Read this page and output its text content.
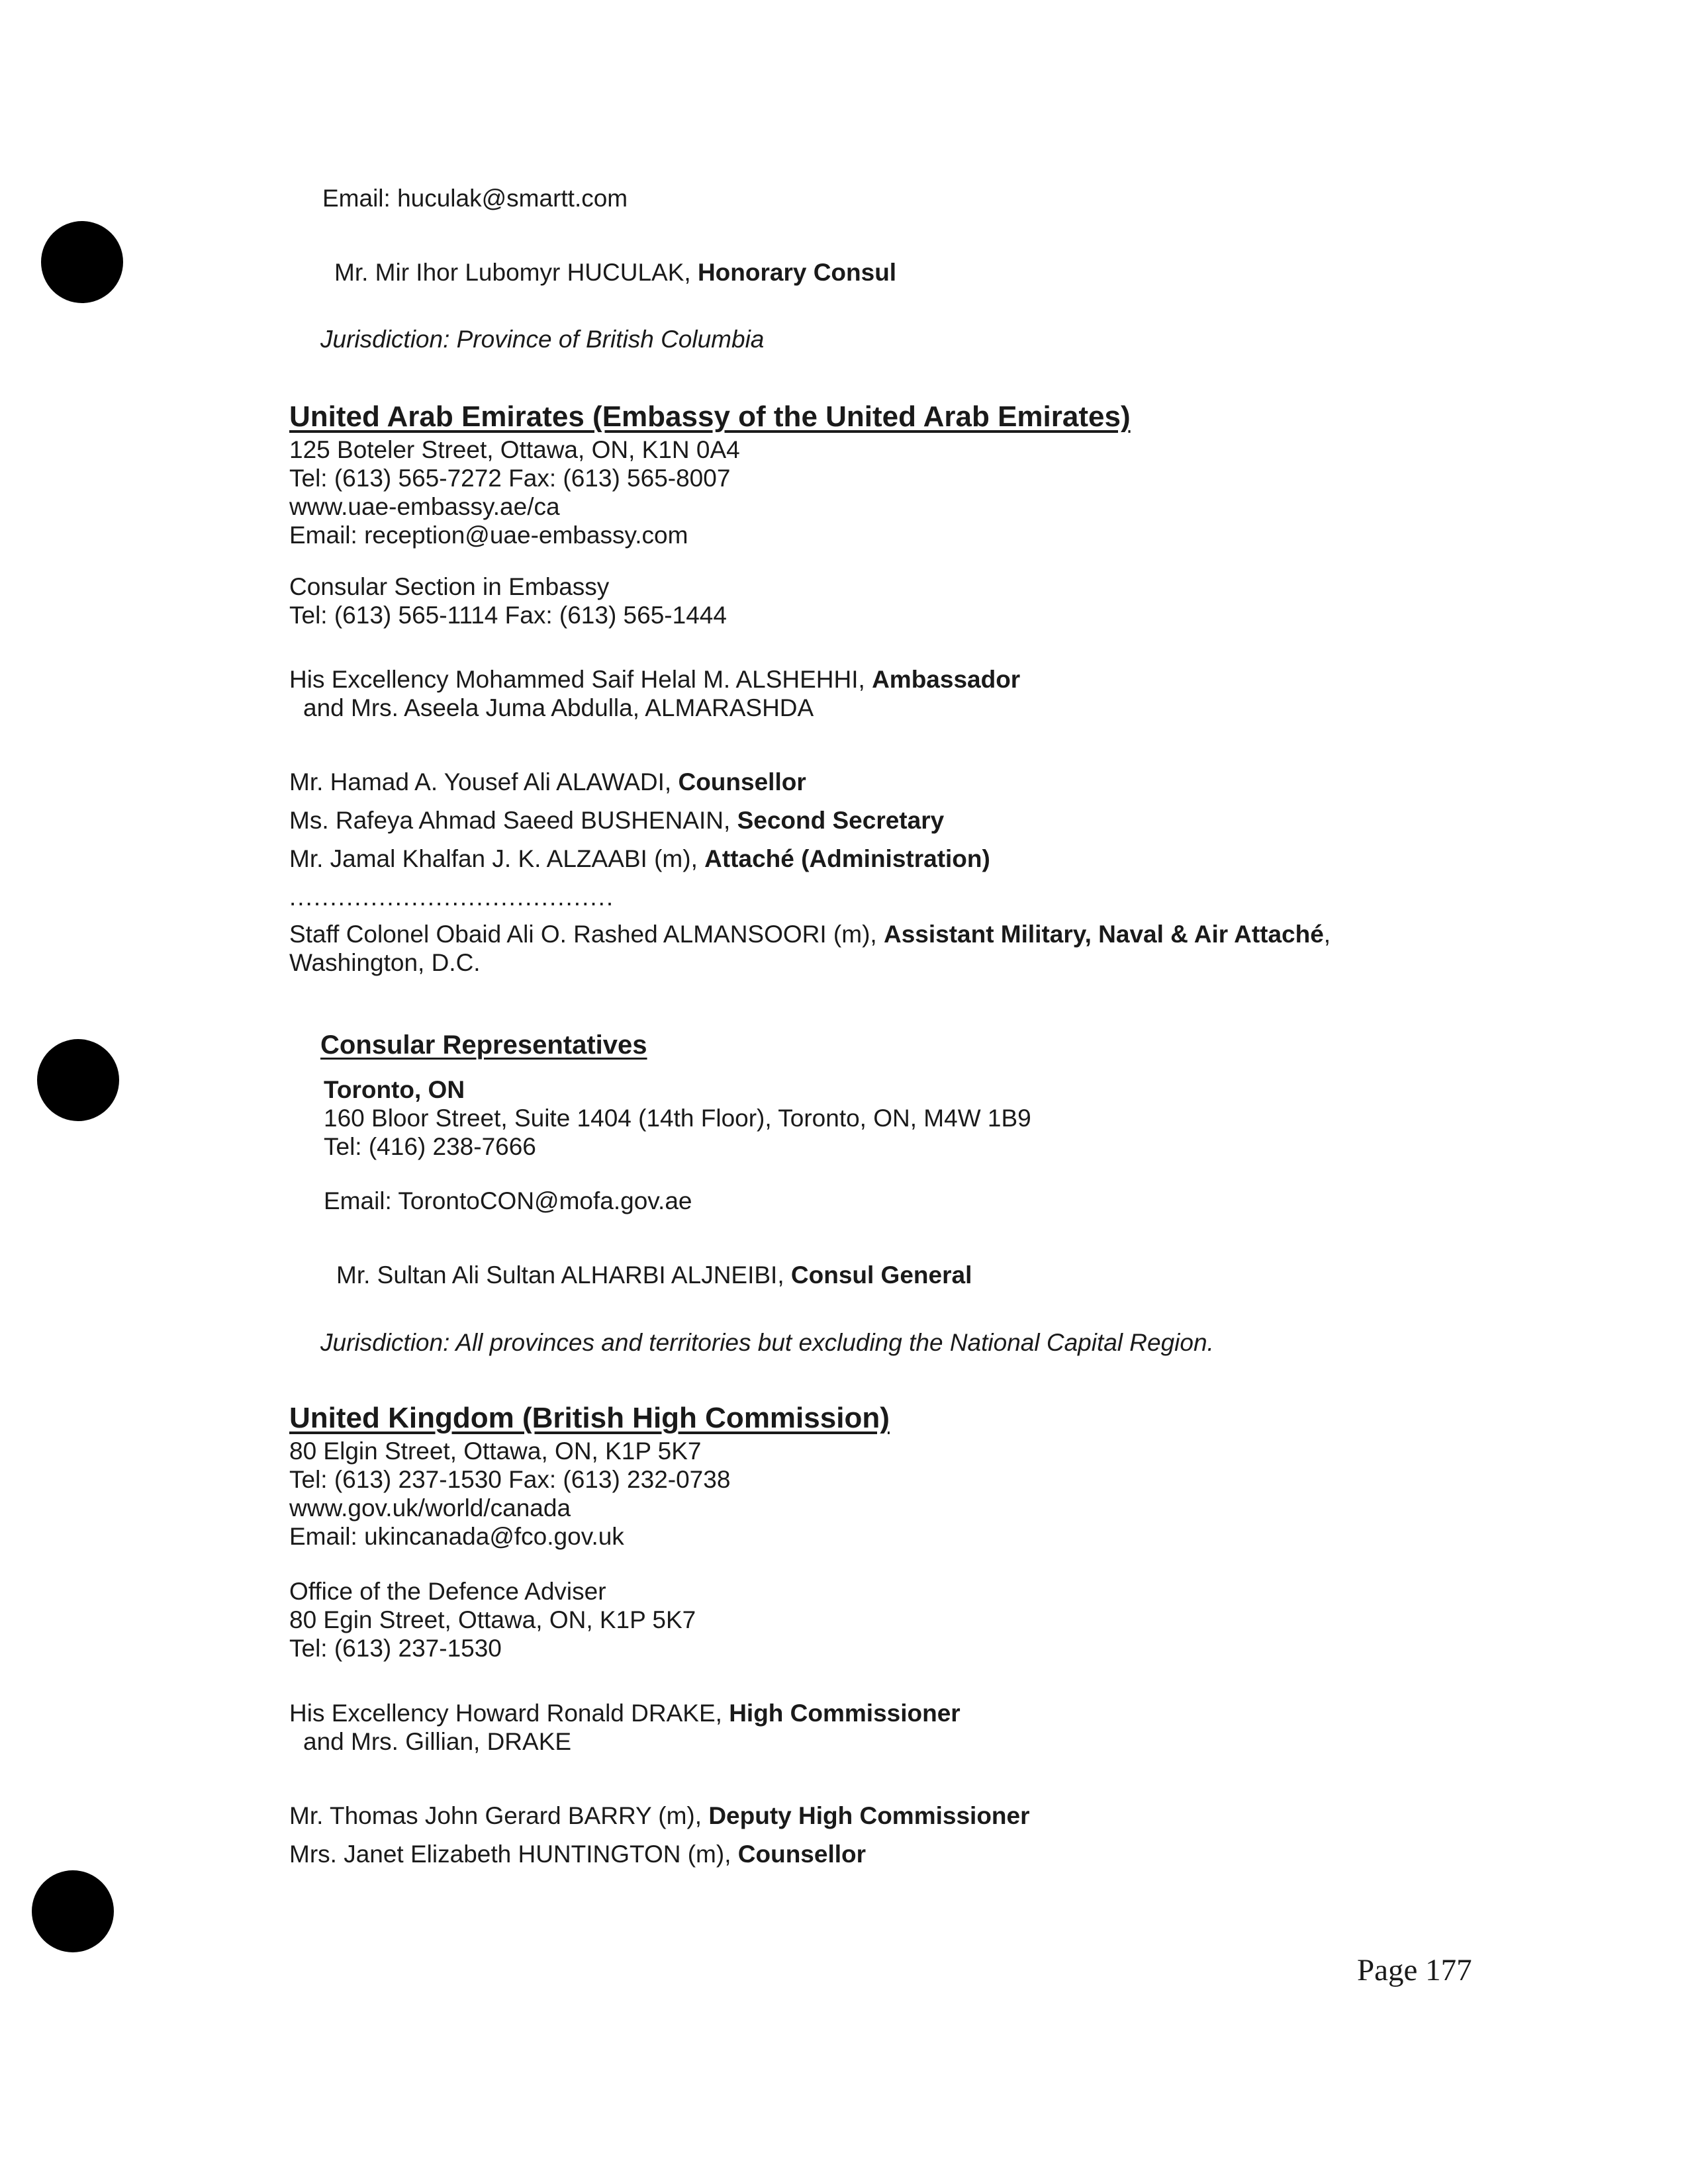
Email: huculak@smartt.com
Mr. Mir Ihor Lubomyr HUCULAK, Honorary Consul
Jurisdiction: Province of British Columbia
United Arab Emirates (Embassy of the United Arab Emirates)
125 Boteler Street, Ottawa, ON, K1N 0A4
Tel: (613) 565-7272 Fax: (613) 565-8007
www.uae-embassy.ae/ca
Email: reception@uae-embassy.com
Consular Section in Embassy
Tel: (613) 565-1114 Fax: (613) 565-1444
His Excellency Mohammed Saif Helal M. ALSHEHHI, Ambassador
and Mrs. Aseela Juma Abdulla, ALMARASHDA
Mr. Hamad A. Yousef Ali ALAWADI, Counsellor
Ms. Rafeya Ahmad Saeed BUSHENAIN, Second Secretary
Mr. Jamal Khalfan J. K. ALZAABI (m), Attaché (Administration)
........................................
Staff Colonel Obaid Ali O. Rashed ALMANSOORI (m), Assistant Military, Naval & Air Attaché,
Washington, D.C.
Consular Representatives
Toronto, ON
160 Bloor Street, Suite 1404 (14th Floor), Toronto, ON, M4W 1B9
Tel: (416) 238-7666
Email: TorontoCON@mofa.gov.ae
Mr. Sultan Ali Sultan ALHARBI ALJNEIBI, Consul General
Jurisdiction: All provinces and territories but excluding the National Capital Region.
United Kingdom (British High Commission)
80 Elgin Street, Ottawa, ON, K1P 5K7
Tel: (613) 237-1530 Fax: (613) 232-0738
www.gov.uk/world/canada
Email: ukincanada@fco.gov.uk
Office of the Defence Adviser
80 Egin Street, Ottawa, ON, K1P 5K7
Tel: (613) 237-1530
His Excellency Howard Ronald DRAKE, High Commissioner
and Mrs. Gillian, DRAKE
Mr. Thomas John Gerard BARRY (m), Deputy High Commissioner
Mrs. Janet Elizabeth HUNTINGTON (m), Counsellor
Page 177
